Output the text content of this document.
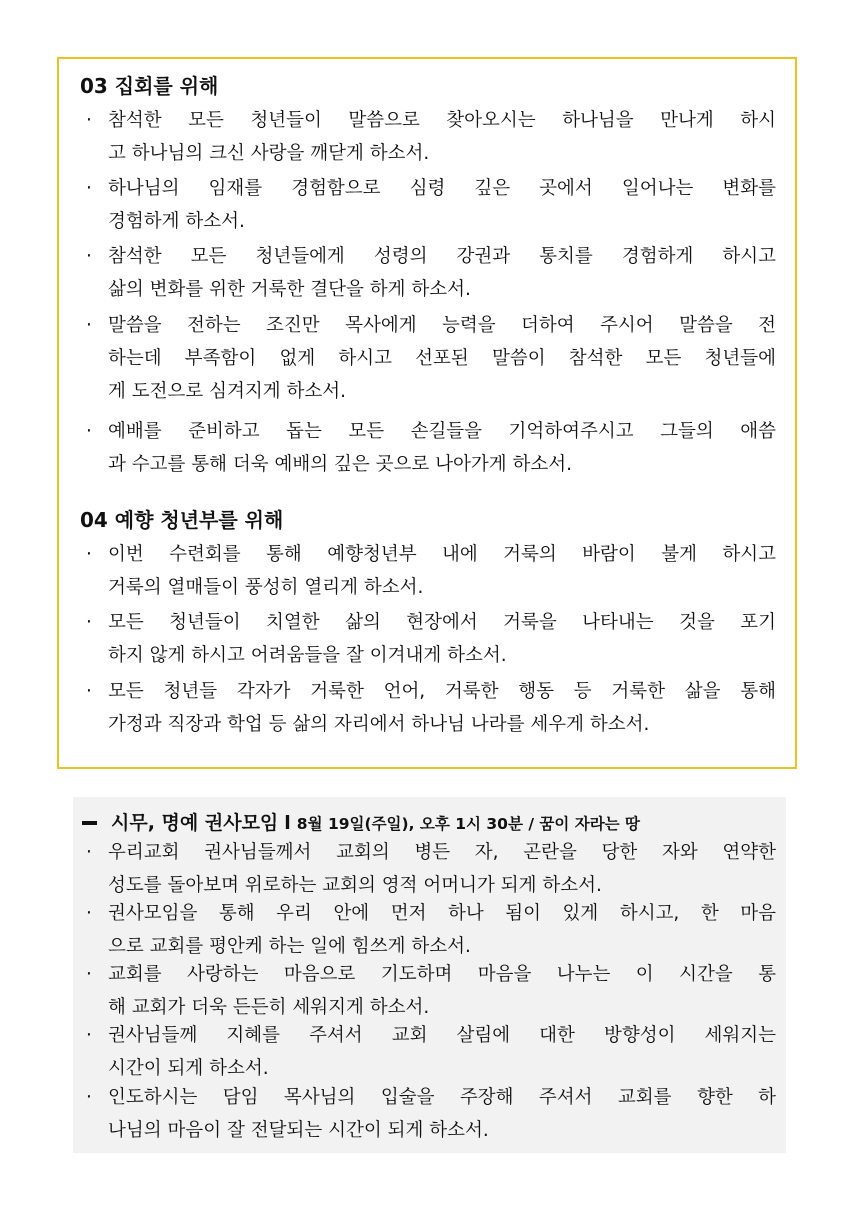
03 집회를 위해
· 참석한 모든 청년들이 말씀으로 찾아오시는 하나님을 만나게 하시
고 하나님의 크신 사랑을 깨닫게 하소서.
· 하나님의 임재를 경험함으로 심령 깊은 곳에서 일어나는 변화를
경험하게 하소서.
· 참석한 모든 청년들에게 성령의 강권과 통치를 경험하게 하시고
삶의 변화를 위한 거룩한 결단을 하게 하소서.
· 말씀을 전하는 조진만 목사에게 능력을 더하여 주시어 말씀을 전
하는데 부족함이 없게 하시고 선포된 말씀이 참석한 모든 청년들에
게 도전으로 심겨지게 하소서.
· 예배를 준비하고 돕는 모든 손길들을 기억하여주시고 그들의 애씀
과 수고를 통해 더욱 예배의 깊은 곳으로 나아가게 하소서.
04 예향 청년부를 위해
· 이번 수련회를 통해 예향청년부 내에 거룩의 바람이 불게 하시고
거룩의 열매들이 풍성히 열리게 하소서.
· 모든 청년들이 치열한 삶의 현장에서 거룩을 나타내는 것을 포기
하지 않게 하시고 어려움들을 잘 이겨내게 하소서.
· 모든 청년들 각자가 거룩한 언어, 거룩한 행동 등 거룩한 삶을 통해
가정과 직장과 학업 등 삶의 자리에서 하나님 나라를 세우게 하소서.
시무, 명예 권사모임 l 8월 19일(주일), 오후 1시 30분 / 꿈이 자라는 땅
· 우리교회 권사님들께서 교회의 병든 자, 곤란을 당한 자와 연약한
성도를 돌아보며 위로하는 교회의 영적 어머니가 되게 하소서.
· 권사모임을 통해 우리 안에 먼저 하나 됨이 있게 하시고, 한 마음
으로 교회를 평안케 하는 일에 힘쓰게 하소서.
· 교회를 사랑하는 마음으로 기도하며 마음을 나누는 이 시간을 통
해 교회가 더욱 든든히 세워지게 하소서.
· 권사님들께 지혜를 주셔서 교회 살림에 대한 방향성이 세워지는
시간이 되게 하소서.
· 인도하시는 담임 목사님의 입술을 주장해 주셔서 교회를 향한 하
나님의 마음이 잘 전달되는 시간이 되게 하소서.
